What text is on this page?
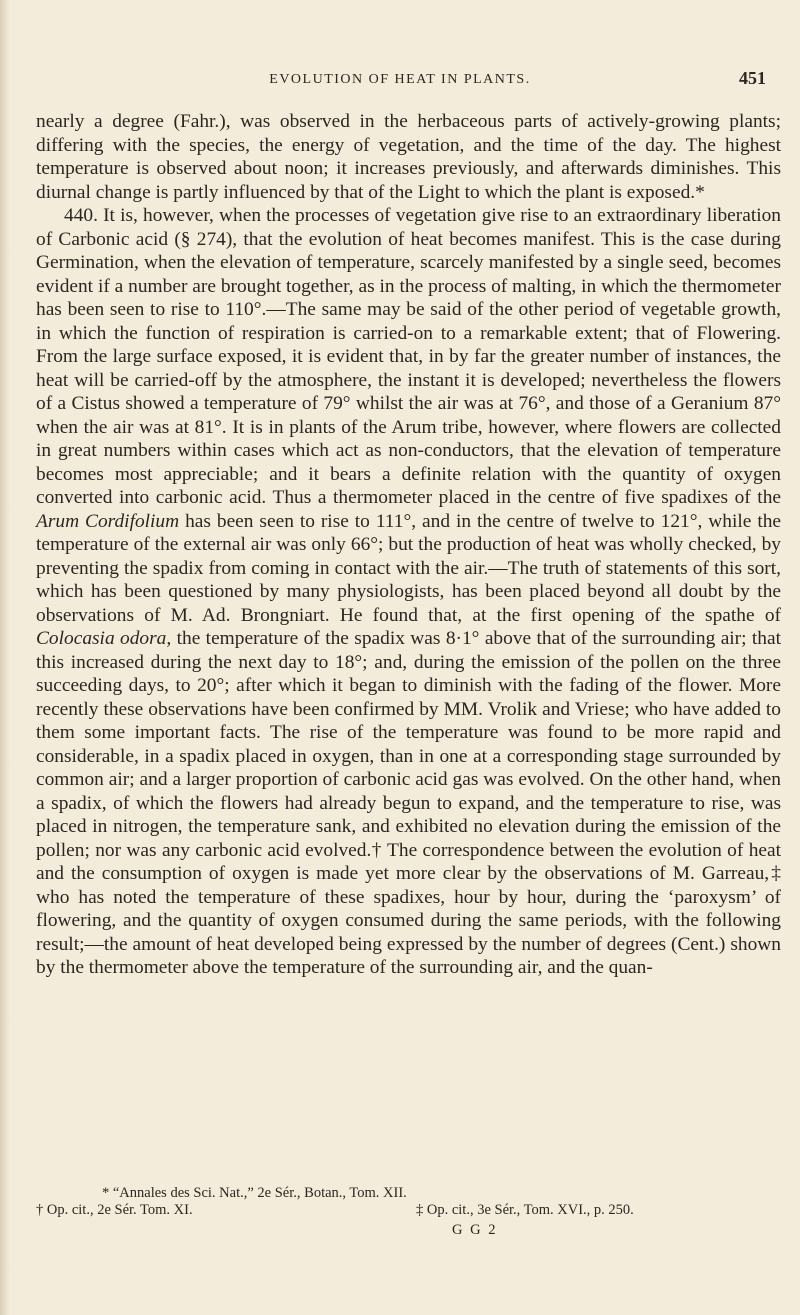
EVOLUTION OF HEAT IN PLANTS.	451

nearly a degree (Fahr.), was observed in the herbaceous parts of actively-growing plants; differing with the species, the energy of vegetation, and the time of the day. The highest temperature is observed about noon; it increases previously, and afterwards diminishes. This diurnal change is partly influenced by that of the Light to which the plant is exposed.*

440. It is, however, when the processes of vegetation give rise to an extraordinary liberation of Carbonic acid (§ 274), that the evolution of heat becomes manifest. This is the case during Germination, when the elevation of temperature, scarcely manifested by a single seed, becomes evident if a number are brought together, as in the process of malting, in which the thermometer has been seen to rise to 110°.—The same may be said of the other period of vegetable growth, in which the function of respiration is carried-on to a remarkable extent; that of Flowering. From the large surface exposed, it is evident that, in by far the greater number of instances, the heat will be carried-off by the atmosphere, the instant it is developed; nevertheless the flowers of a Cistus showed a temperature of 79° whilst the air was at 76°, and those of a Geranium 87° when the air was at 81°. It is in plants of the Arum tribe, however, where flowers are collected in great numbers within cases which act as non-conductors, that the elevation of temperature becomes most appreciable; and it bears a definite relation with the quantity of oxygen converted into carbonic acid. Thus a thermometer placed in the centre of five spadixes of the Arum Cordifolium has been seen to rise to 111°, and in the centre of twelve to 121°, while the temperature of the external air was only 66°; but the production of heat was wholly checked, by preventing the spadix from coming in contact with the air.—The truth of statements of this sort, which has been questioned by many physiologists, has been placed beyond all doubt by the observations of M. Ad. Brongniart. He found that, at the first opening of the spathe of Colocasia odora, the temperature of the spadix was 8·1° above that of the surrounding air; that this increased during the next day to 18°; and, during the emission of the pollen on the three succeeding days, to 20°; after which it began to diminish with the fading of the flower. More recently these observations have been confirmed by MM. Vrolik and Vriese; who have added to them some important facts. The rise of the temperature was found to be more rapid and considerable, in a spadix placed in oxygen, than in one at a corresponding stage surrounded by common air; and a larger proportion of carbonic acid gas was evolved. On the other hand, when a spadix, of which the flowers had already begun to expand, and the temperature to rise, was placed in nitrogen, the temperature sank, and exhibited no elevation during the emission of the pollen; nor was any carbonic acid evolved.† The correspondence between the evolution of heat and the consumption of oxygen is made yet more clear by the observations of M. Garreau,‡ who has noted the temperature of these spadixes, hour by hour, during the ‘paroxysm’ of flowering, and the quantity of oxygen consumed during the same periods, with the following result;—the amount of heat developed being expressed by the number of degrees (Cent.) shown by the thermometer above the temperature of the surrounding air, and the quan-

* “Annales des Sci. Nat.,” 2e Sér., Botan., Tom. XII.
† Op. cit., 2e Sér. Tom. XI.	‡ Op. cit., 3e Sér., Tom. XVI., p. 250.
G G 2
